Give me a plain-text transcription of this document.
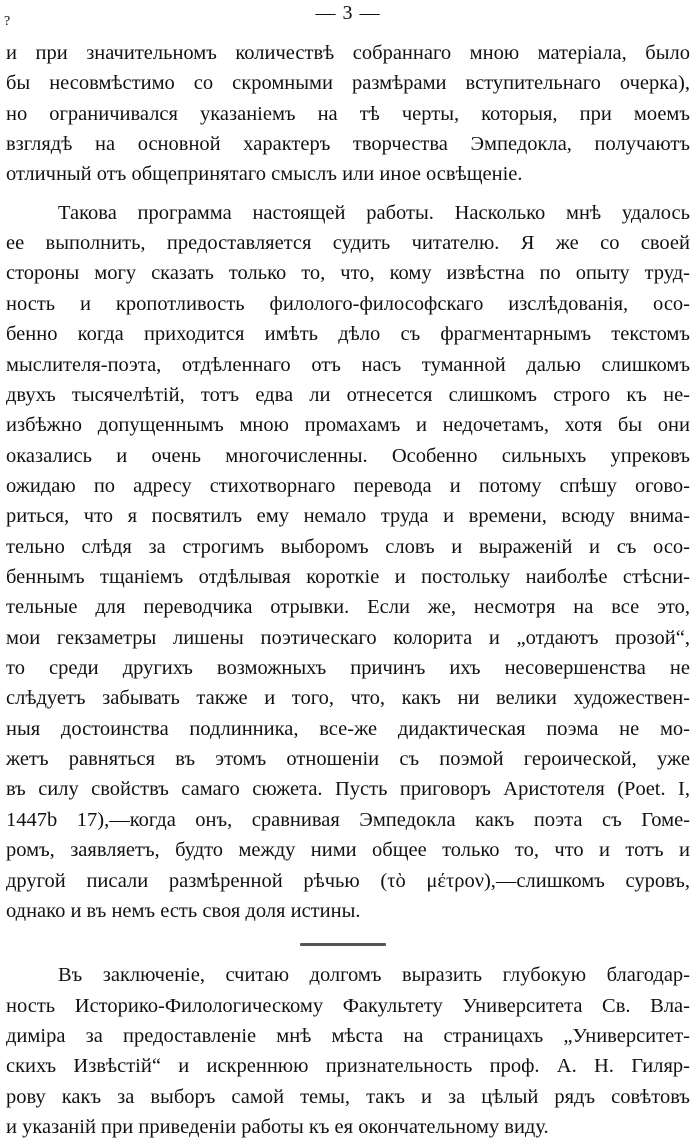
?	— 3 —
и при значительномъ количествѣ собраннаго мною матеріала, было
бы несовмѣстимо со скромными размѣрами вступительнаго очерка),
но ограничивался указаніемъ на тѣ черты, которыя, при моемъ
взглядѣ на основной характеръ творчества Эмпедокла, получаютъ
отличный отъ общепринятаго смыслъ или иное освѣщеніе.
Такова программа настоящей работы. Насколько мнѣ удалось
ее выполнить, предоставляется судить читателю. Я же со своей
стороны могу сказать только то, что, кому извѣстна по опыту труд-
ность и кропотливость филолого-философскаго изслѣдованія, осо-
бенно когда приходится имѣть дѣло съ фрагментарнымъ текстомъ
мыслителя-поэта, отдѣленнаго отъ насъ туманной далью слишкомъ
двухъ тысячелѣтій, тотъ едва ли отнесется слишкомъ строго къ не-
избѣжно допущеннымъ мною промахамъ и недочетамъ, хотя бы они
оказались и очень многочисленны. Особенно сильныхъ упрековъ
ожидаю по адресу стихотворнаго перевода и потому спѣшу огово-
риться, что я посвятилъ ему немало труда и времени, всюду внима-
тельно слѣдя за строгимъ выборомъ словъ и выраженій и съ осо-
беннымъ тщаніемъ отдѣлывая короткіе и постольку наиболѣе стѣсни-
тельные для переводчика отрывки. Если же, несмотря на все это,
мои гекзаметры лишены поэтическаго колорита и „отдаютъ прозой“,
то среди другихъ возможныхъ причинъ ихъ несовершенства не
слѣдуетъ забывать также и того, что, какъ ни велики художествен-
ныя достоинства подлинника, все-же дидактическая поэма не мо-
жетъ равняться въ этомъ отношеніи съ поэмой героической, уже
въ силу свойствъ самаго сюжета. Пусть приговоръ Аристотеля (Poet. I,
1447b 17),—когда онъ, сравнивая Эмпедокла какъ поэта съ Гоме-
ромъ, заявляетъ, будто между ними общее только то, что и тотъ и
другой писали размѣренной рѣчью (τὸ μέτρον),—слишкомъ суровъ,
однако и въ немъ есть своя доля истины.
Въ заключеніе, считаю долгомъ выразить глубокую благодар-
ность Историко-Филологическому Факультету Университета Св. Вла-
диміра за предоставленіе мнѣ мѣста на страницахъ „Университет-
скихъ Извѣстій“ и искреннюю признательность проф. А. Н. Гиляр-
рову какъ за выборъ самой темы, такъ и за цѣлый рядъ совѣтовъ
и указаній при приведеніи работы къ ея окончательному виду.
